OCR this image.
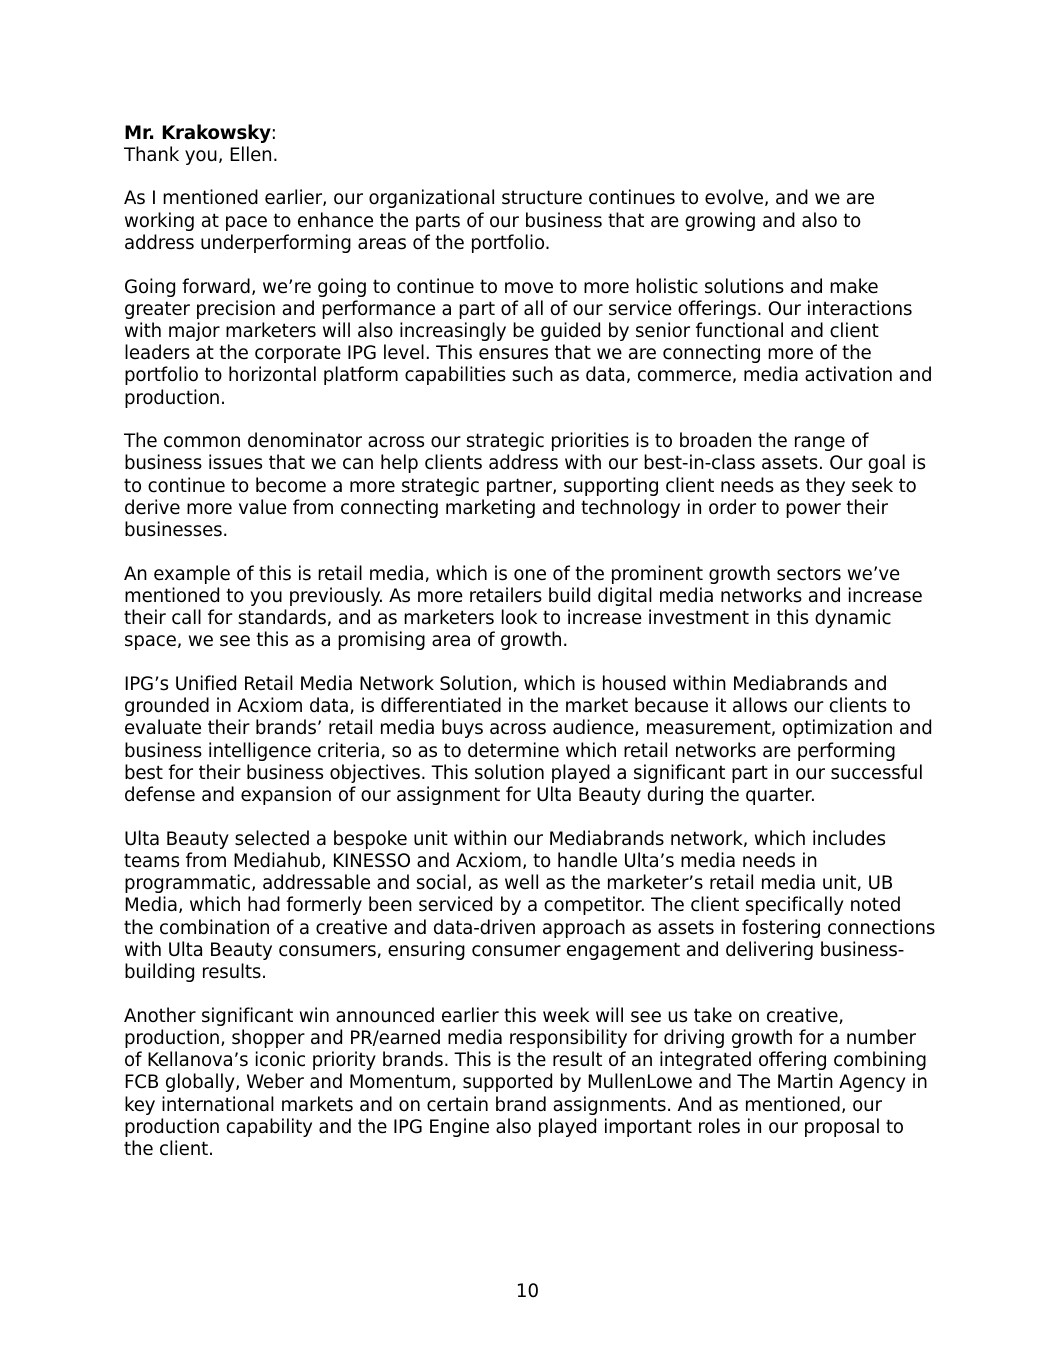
Mr. Krakowsky:
Thank you, Ellen.

As I mentioned earlier, our organizational structure continues to evolve, and we are working at pace to enhance the parts of our business that are growing and also to address underperforming areas of the portfolio.

Going forward, we’re going to continue to move to more holistic solutions and make greater precision and performance a part of all of our service offerings. Our interactions with major marketers will also increasingly be guided by senior functional and client leaders at the corporate IPG level. This ensures that we are connecting more of the portfolio to horizontal platform capabilities such as data, commerce, media activation and production.

The common denominator across our strategic priorities is to broaden the range of business issues that we can help clients address with our best-in-class assets. Our goal is to continue to become a more strategic partner, supporting client needs as they seek to derive more value from connecting marketing and technology in order to power their businesses.

An example of this is retail media, which is one of the prominent growth sectors we’ve mentioned to you previously. As more retailers build digital media networks and increase their call for standards, and as marketers look to increase investment in this dynamic space, we see this as a promising area of growth.

IPG’s Unified Retail Media Network Solution, which is housed within Mediabrands and grounded in Acxiom data, is differentiated in the market because it allows our clients to evaluate their brands’ retail media buys across audience, measurement, optimization and business intelligence criteria, so as to determine which retail networks are performing best for their business objectives. This solution played a significant part in our successful defense and expansion of our assignment for Ulta Beauty during the quarter.

Ulta Beauty selected a bespoke unit within our Mediabrands network, which includes teams from Mediahub, KINESSO and Acxiom, to handle Ulta’s media needs in programmatic, addressable and social, as well as the marketer’s retail media unit, UB Media, which had formerly been serviced by a competitor. The client specifically noted the combination of a creative and data-driven approach as assets in fostering connections with Ulta Beauty consumers, ensuring consumer engagement and delivering business-building results.

Another significant win announced earlier this week will see us take on creative, production, shopper and PR/earned media responsibility for driving growth for a number of Kellanova’s iconic priority brands. This is the result of an integrated offering combining FCB globally, Weber and Momentum, supported by MullenLowe and The Martin Agency in key international markets and on certain brand assignments. And as mentioned, our production capability and the IPG Engine also played important roles in our proposal to the client.

10
